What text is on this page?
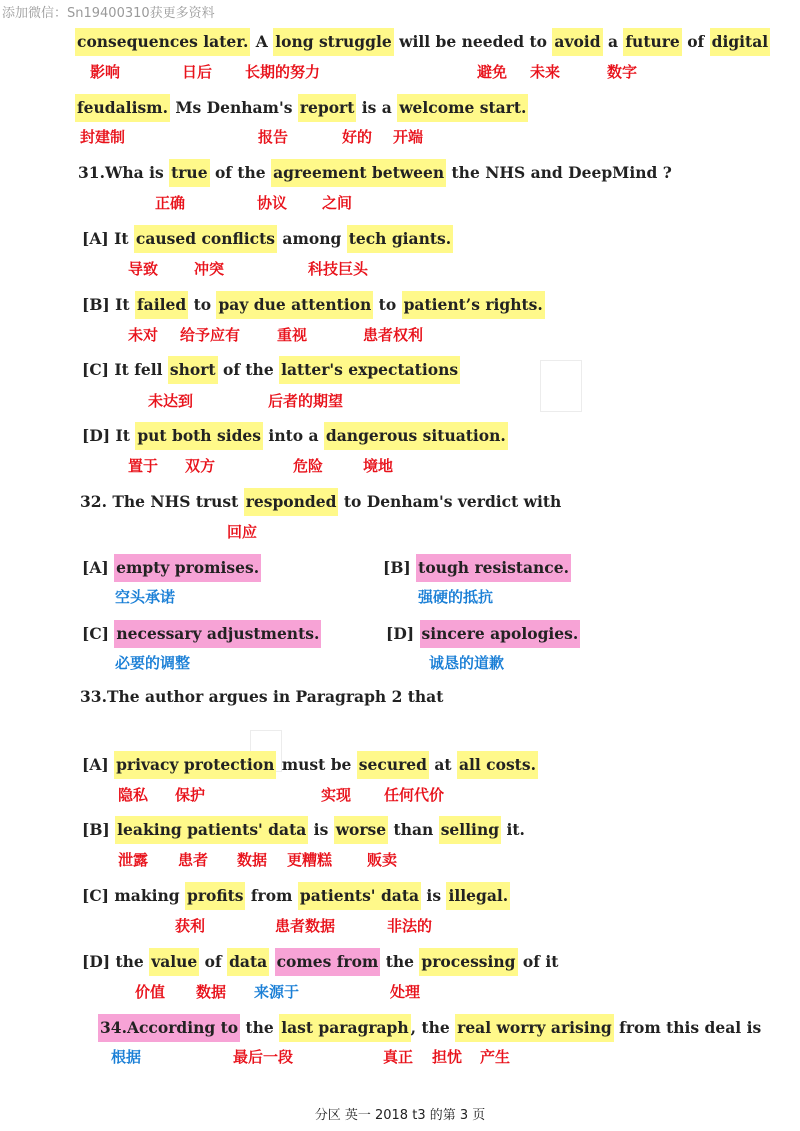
添加微信：Sn19400310获更多资料
consequences later. A long struggle will be needed to avoid a future of digital
feudalism. Ms Denham's report is a welcome start.
31.Wha is true of the agreement between the NHS and DeepMind ?
[A] It caused conflicts among tech giants.
[B] It failed to pay due attention to patient’s rights.
[C] It fell short of the latter's expectations
[D] It put both sides into a dangerous situation.
32. The NHS trust responded to Denham's verdict with
[A] empty promises.	[B] tough resistance.
[C] necessary adjustments.	[D] sincere apologies.
33.The author argues in Paragraph 2 that
[A] privacy protection must be secured at all costs.
[B] leaking patients' data is worse than selling it.
[C] making profits from patients' data is illegal.
[D] the value of data comes from the processing of it
34.According to the last paragraph , the real worry arising from this deal is
影响	日后 长期的努力	避免 未来	数字
封建制	报告	好的 开端
正确	协议 之间
导致 冲突	科技巨头
未对 给予应有 重视	患者权利
未达到	后者的期望
置于 双方	危险	境地
回应
空头承诺	强硬的抵抗
必要的调整	诚恳的道歉
隐私 保护	实现 任何代价
泄露 患者 数据 更糟糕 贩卖
获利	患者数据	非法的
价值 数据 来源于	处理
根据	最后一段	真正 担忧 产生
分区 英一 2018 t3 的第 3 页
